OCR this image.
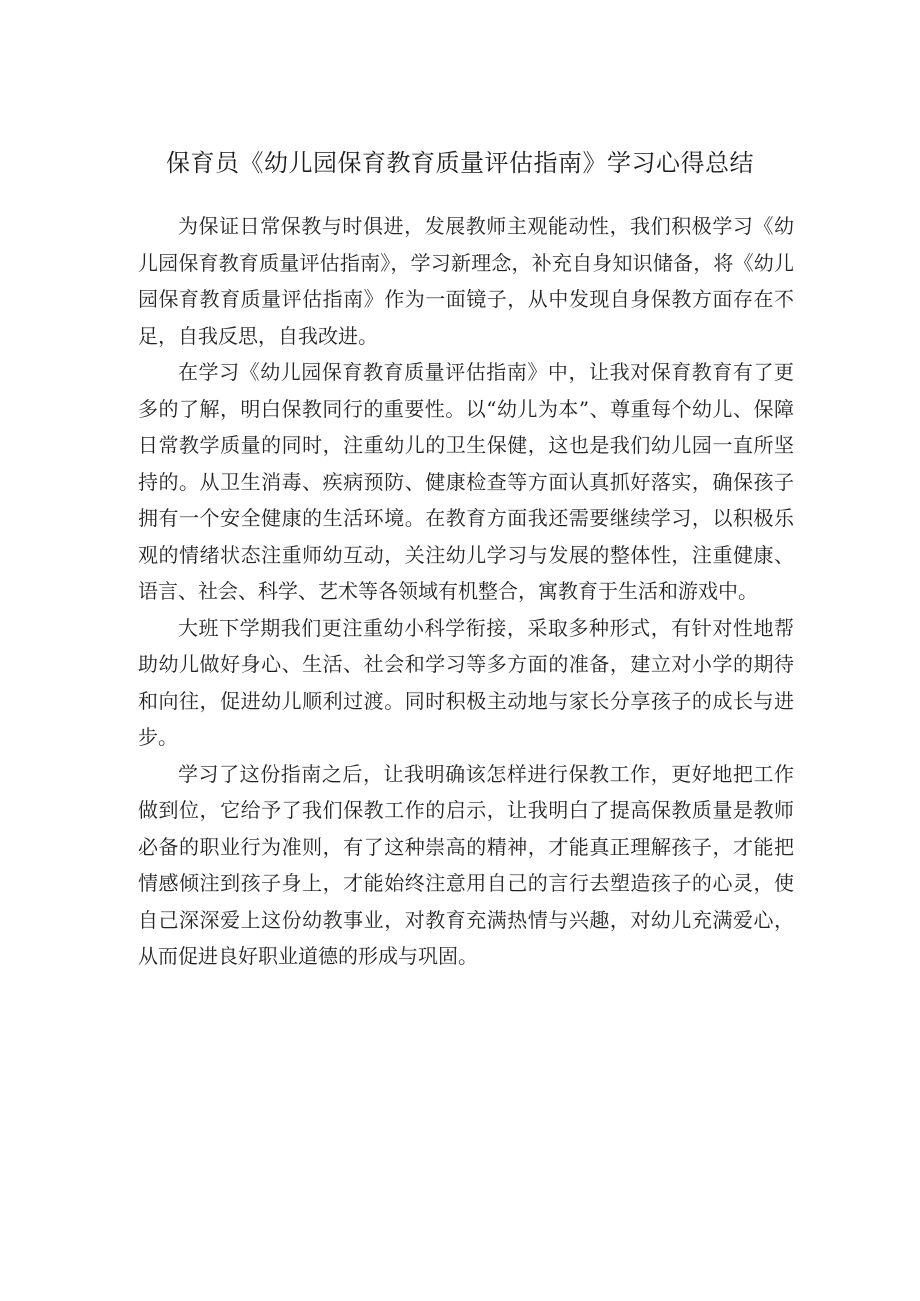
保育员《幼儿园保育教育质量评估指南》学习心得总结

为保证日常保教与时俱进，发展教师主观能动性，我们积极学习《幼儿园保育教育质量评估指南》，学习新理念，补充自身知识储备，将《幼儿园保育教育质量评估指南》作为一面镜子，从中发现自身保教方面存在不足，自我反思，自我改进。

在学习《幼儿园保育教育质量评估指南》中，让我对保育教育有了更多的了解，明白保教同行的重要性。以“幼儿为本”、尊重每个幼儿、保障日常教学质量的同时，注重幼儿的卫生保健，这也是我们幼儿园一直所坚持的。从卫生消毒、疾病预防、健康检查等方面认真抓好落实，确保孩子拥有一个安全健康的生活环境。在教育方面我还需要继续学习，以积极乐观的情绪状态注重师幼互动，关注幼儿学习与发展的整体性，注重健康、语言、社会、科学、艺术等各领域有机整合，寓教育于生活和游戏中。

大班下学期我们更注重幼小科学衔接，采取多种形式，有针对性地帮助幼儿做好身心、生活、社会和学习等多方面的准备，建立对小学的期待和向往，促进幼儿顺利过渡。同时积极主动地与家长分享孩子的成长与进步。

学习了这份指南之后，让我明确该怎样进行保教工作，更好地把工作做到位，它给予了我们保教工作的启示，让我明白了提高保教质量是教师必备的职业行为准则，有了这种崇高的精神，才能真正理解孩子，才能把情感倾注到孩子身上，才能始终注意用自己的言行去塑造孩子的心灵，使自己深深爱上这份幼教事业，对教育充满热情与兴趣，对幼儿充满爱心，从而促进良好职业道德的形成与巩固。
